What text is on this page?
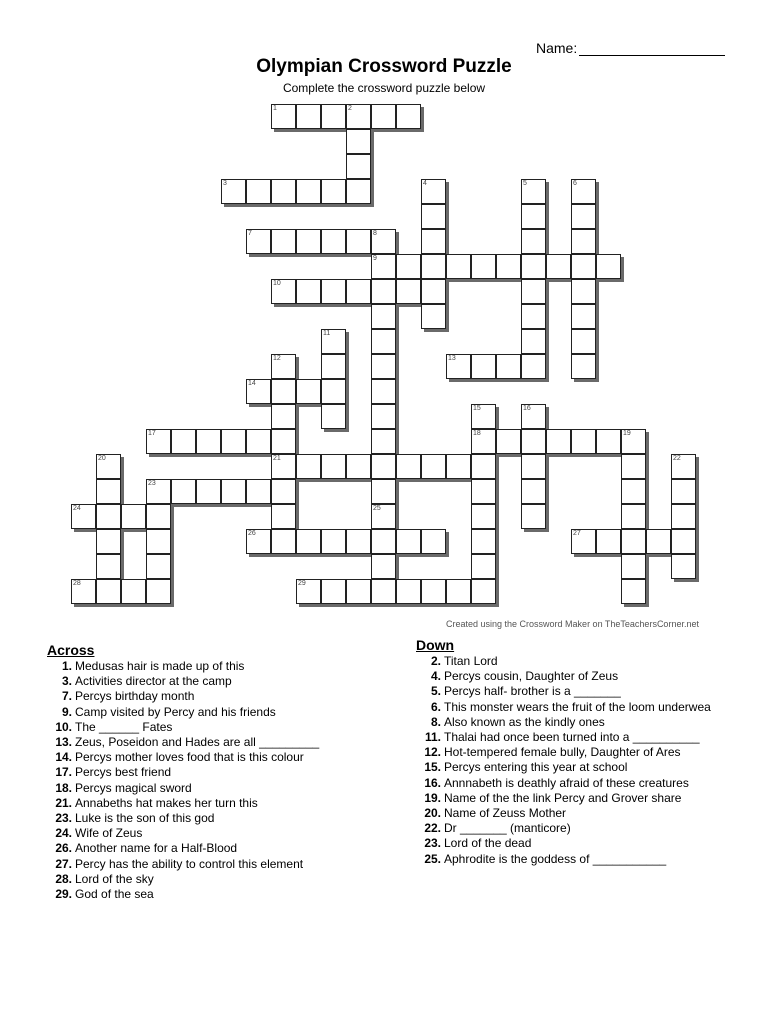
Name:
Olympian Crossword Puzzle
Complete the crossword puzzle below
1	2
3	4	5	6
7	8
9
10
11
12	13
14
15	16
17	18	19
20	21	22
23
24	25
26	27
28	29
Created using the Crossword Maker on TheTeachersCorner.net
Across
1. Medusas hair is made up of this
3. Activities director at the camp
7. Percys birthday month
9. Camp visited by Percy and his friends
10. The ______ Fates
13. Zeus, Poseidon and Hades are all _________
14. Percys mother loves food that is this colour
17. Percys best friend
18. Percys magical sword
21. Annabeths hat makes her turn this
23. Luke is the son of this god
24. Wife of Zeus
26. Another name for a Half-Blood
27. Percy has the ability to control this element
28. Lord of the sky
29. God of the sea
Down
2. Titan Lord
4. Percys cousin, Daughter of Zeus
5. Percys half- brother is a _______
6. This monster wears the fruit of the loom underwea
8. Also known as the kindly ones
11. Thalai had once been turned into a __________
12. Hot-tempered female bully, Daughter of Ares
15. Percys entering this year at school
16. Annnabeth is deathly afraid of these creatures
19. Name of the the link Percy and Grover share
20. Name of Zeuss Mother
22. Dr _______ (manticore)
23. Lord of the dead
25. Aphrodite is the goddess of ___________
